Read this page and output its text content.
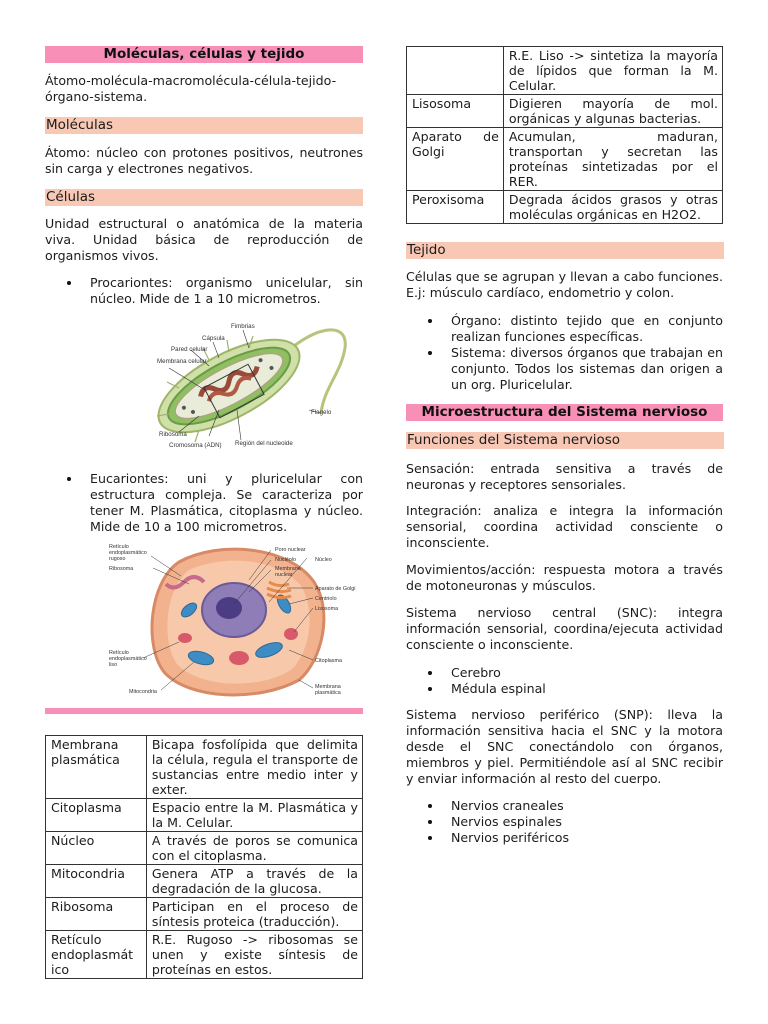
Moléculas, células y tejido
Átomo-molécula-macromolécula-célula-tejido-órgano-sistema.
Moléculas
Átomo: núcleo con protones positivos, neutrones sin carga y electrones negativos.
Células
Unidad estructural o anatómica de la materia viva. Unidad básica de reproducción de organismos vivos.
Procariontes: organismo unicelular, sin núcleo. Mide de 1 a 10 micrometros.
Fimbrias
Cápsula
Pared celular
Membrana celular
Ribosoma
Cromosoma (ADN) Región del nucleoide
Flagelo
Eucariontes: uni y pluricelular con estructura compleja. Se caracteriza por tener M. Plasmática, citoplasma y núcleo. Mide de 10 a 100 micrometros.
Retículo endoplasmático rugoso
Ribosoma
Poro nuclear
Nucléolo
Membrana nuclear
Núcleo
Aparato de Golgi
Centriolo
Lisosoma
Retículo endoplasmático liso
Citoplasma
Mitocondria
Membrana plasmática
Membrana plasmática	Bicapa fosfolípida que delimita la célula, regula el transporte de sustancias entre medio inter y exter.
Citoplasma	Espacio entre la M. Plasmática y la M. Celular.
Núcleo	A través de poros se comunica con el citoplasma.
Mitocondria	Genera ATP a través de la degradación de la glucosa.
Ribosoma	Participan en el proceso de síntesis proteica (traducción).
Retículo endoplasmát ico	R.E. Rugoso -> ribosomas se unen y existe síntesis de proteínas en estos.
	R.E. Liso -> sintetiza la mayoría de lípidos que forman la M. Celular.
Lisosoma	Digieren mayoría de mol. orgánicas y algunas bacterias.
Aparato de Golgi	Acumulan, maduran, transportan y secretan las proteínas sintetizadas por el RER.
Peroxisoma	Degrada ácidos grasos y otras moléculas orgánicas en H2O2.
Tejido
Células que se agrupan y llevan a cabo funciones. E.j: músculo cardíaco, endometrio y colon.
Órgano: distinto tejido que en conjunto realizan funciones específicas.
Sistema: diversos órganos que trabajan en conjunto. Todos los sistemas dan origen a un org. Pluricelular.
Microestructura del Sistema nervioso
Funciones del Sistema nervioso
Sensación: entrada sensitiva a través de neuronas y receptores sensoriales.
Integración: analiza e integra la información sensorial, coordina actividad consciente o inconsciente.
Movimientos/acción: respuesta motora a través de motoneuronas y músculos.
Sistema nervioso central (SNC): integra información sensorial, coordina/ejecuta actividad consciente o inconsciente.
Cerebro
Médula espinal
Sistema nervioso periférico (SNP): lleva la información sensitiva hacia el SNC y la motora desde el SNC conectándolo con órganos, miembros y piel. Permitiéndole así al SNC recibir y enviar información al resto del cuerpo.
Nervios craneales
Nervios espinales
Nervios periféricos
